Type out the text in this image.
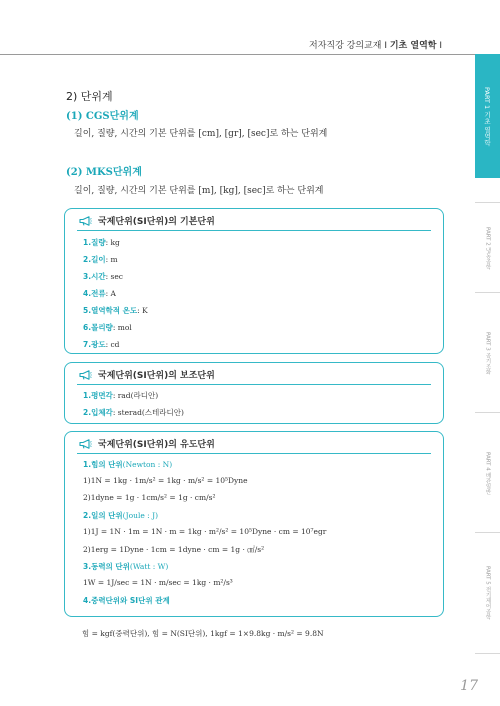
저자직강 강의교재 I 기초 열역학 I
PART 1 기초 열역학
PART 2 냉동공학
PART 3 공기조화
PART 4 배관일반
PART 5 전기제어공학
2) 단위계
(1) CGS단위계
길이, 질량, 시간의 기본 단위를 [cm], [gr], [sec]로 하는 단위계
(2) MKS단위계
길이, 질량, 시간의 기본 단위를 [m], [kg], [sec]로 하는 단위계
국제단위(SI단위)의 기본단위
1.질량: kg
2.길이: m
3.시간: sec
4.전류: A
5.열역학적 온도: K
6.몰리량: mol
7.광도: cd
국제단위(SI단위)의 보조단위
1.평면각: rad(라디안)
2.입체각: sterad(스테라디안)
국제단위(SI단위)의 유도단위
1.힘의 단위(Newton : N)
1)1N = 1kg · 1m/s² = 1kg · m/s² = 10⁵Dyne
2)1dyne = 1g · 1cm/s² = 1g · cm/s²
2.일의 단위(Joule : J)
1)1J = 1N · 1m = 1N · m = 1kg · m²/s² = 10⁵Dyne · cm = 10⁷egr
2)1erg = 1Dyne · 1cm = 1dyne · cm = 1g · ㎠/s²
3.동력의 단위(Watt : W)
1W = 1J/sec = 1N · m/sec = 1kg · m²/s³
4.중력단위와 SI단위 관계
힘 = kgf(중력단위), 힘 = N(SI단위), 1kgf = 1×9.8kg · m/s² = 9.8N
17
